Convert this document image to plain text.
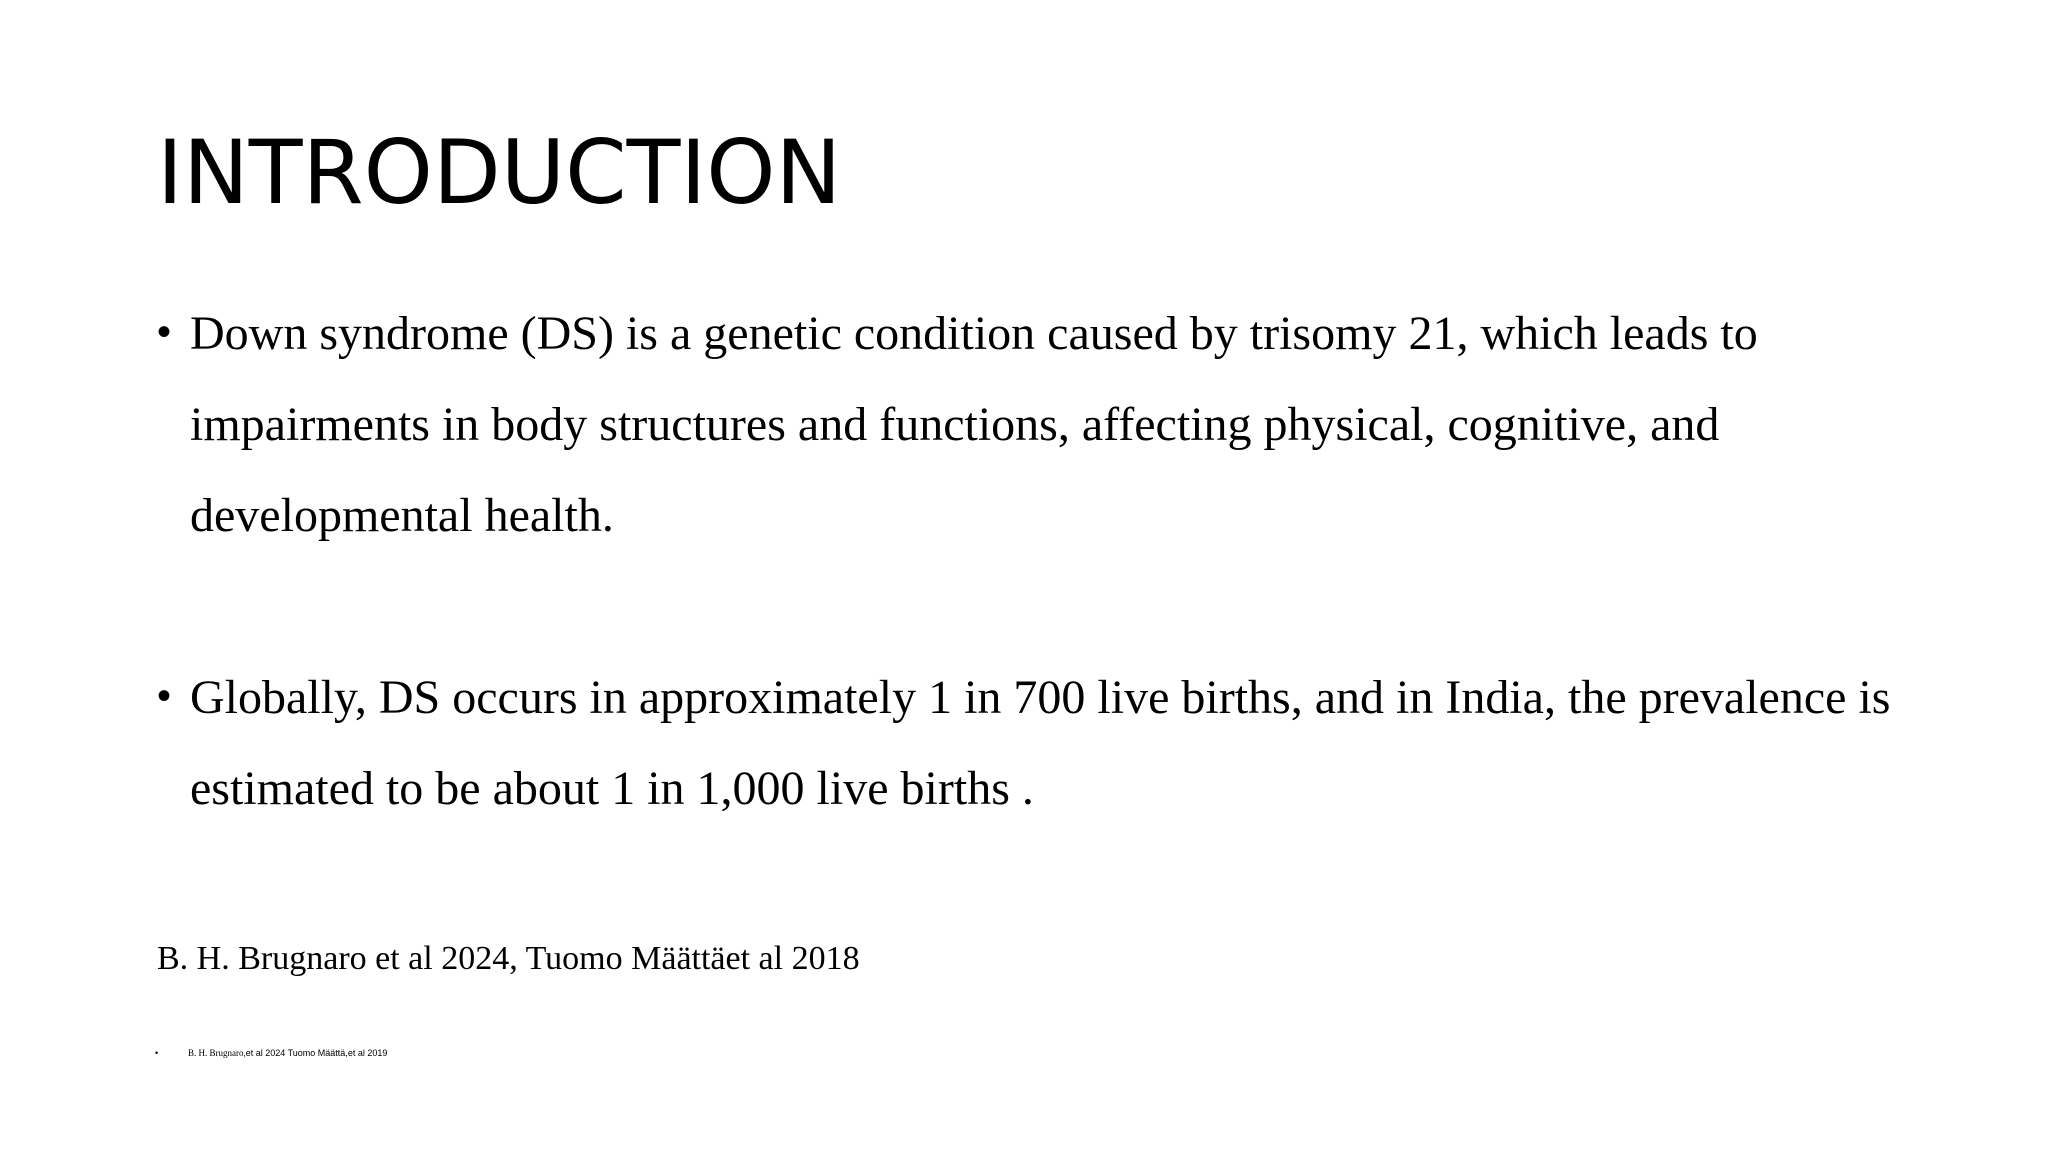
INTRODUCTION
• Down syndrome (DS) is a genetic condition caused by trisomy 21, which leads to impairments in body structures and functions, affecting physical, cognitive, and developmental health.
• Globally, DS occurs in approximately 1 in 700 live births, and in India, the prevalence is estimated to be about 1 in 1,000 live births .

B. H. Brugnaro et al 2024, Tuomo Määttäet al 2018

•	B. H. Brugnaro,et al 2024 Tuomo Määttä,et al 2019
